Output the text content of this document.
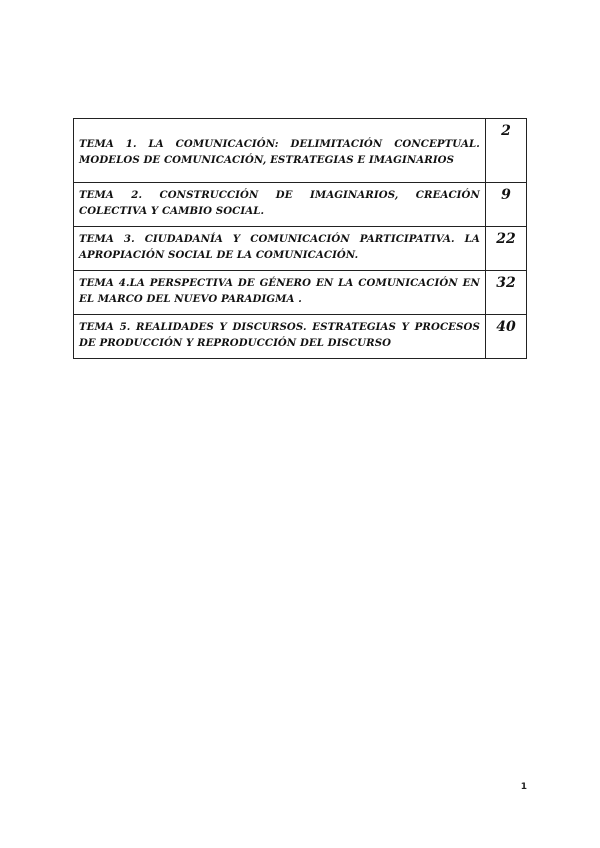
TEMA 1. LA COMUNICACIÓN: DELIMITACIÓN CONCEPTUAL. MODELOS DE COMUNICACIÓN, ESTRATEGIAS E IMAGINARIOS	2
TEMA 2. CONSTRUCCIÓN DE IMAGINARIOS, CREACIÓN COLECTIVA Y CAMBIO SOCIAL.	9
TEMA 3. CIUDADANÍA Y COMUNICACIÓN PARTICIPATIVA. LA APROPIACIÓN SOCIAL DE LA COMUNICACIÓN.	22
TEMA 4.LA PERSPECTIVA DE GÉNERO EN LA COMUNICACIÓN EN EL MARCO DEL NUEVO PARADIGMA .	32
TEMA 5. REALIDADES Y DISCURSOS. ESTRATEGIAS Y PROCESOS DE PRODUCCIÓN Y REPRODUCCIÓN DEL DISCURSO	40
1
